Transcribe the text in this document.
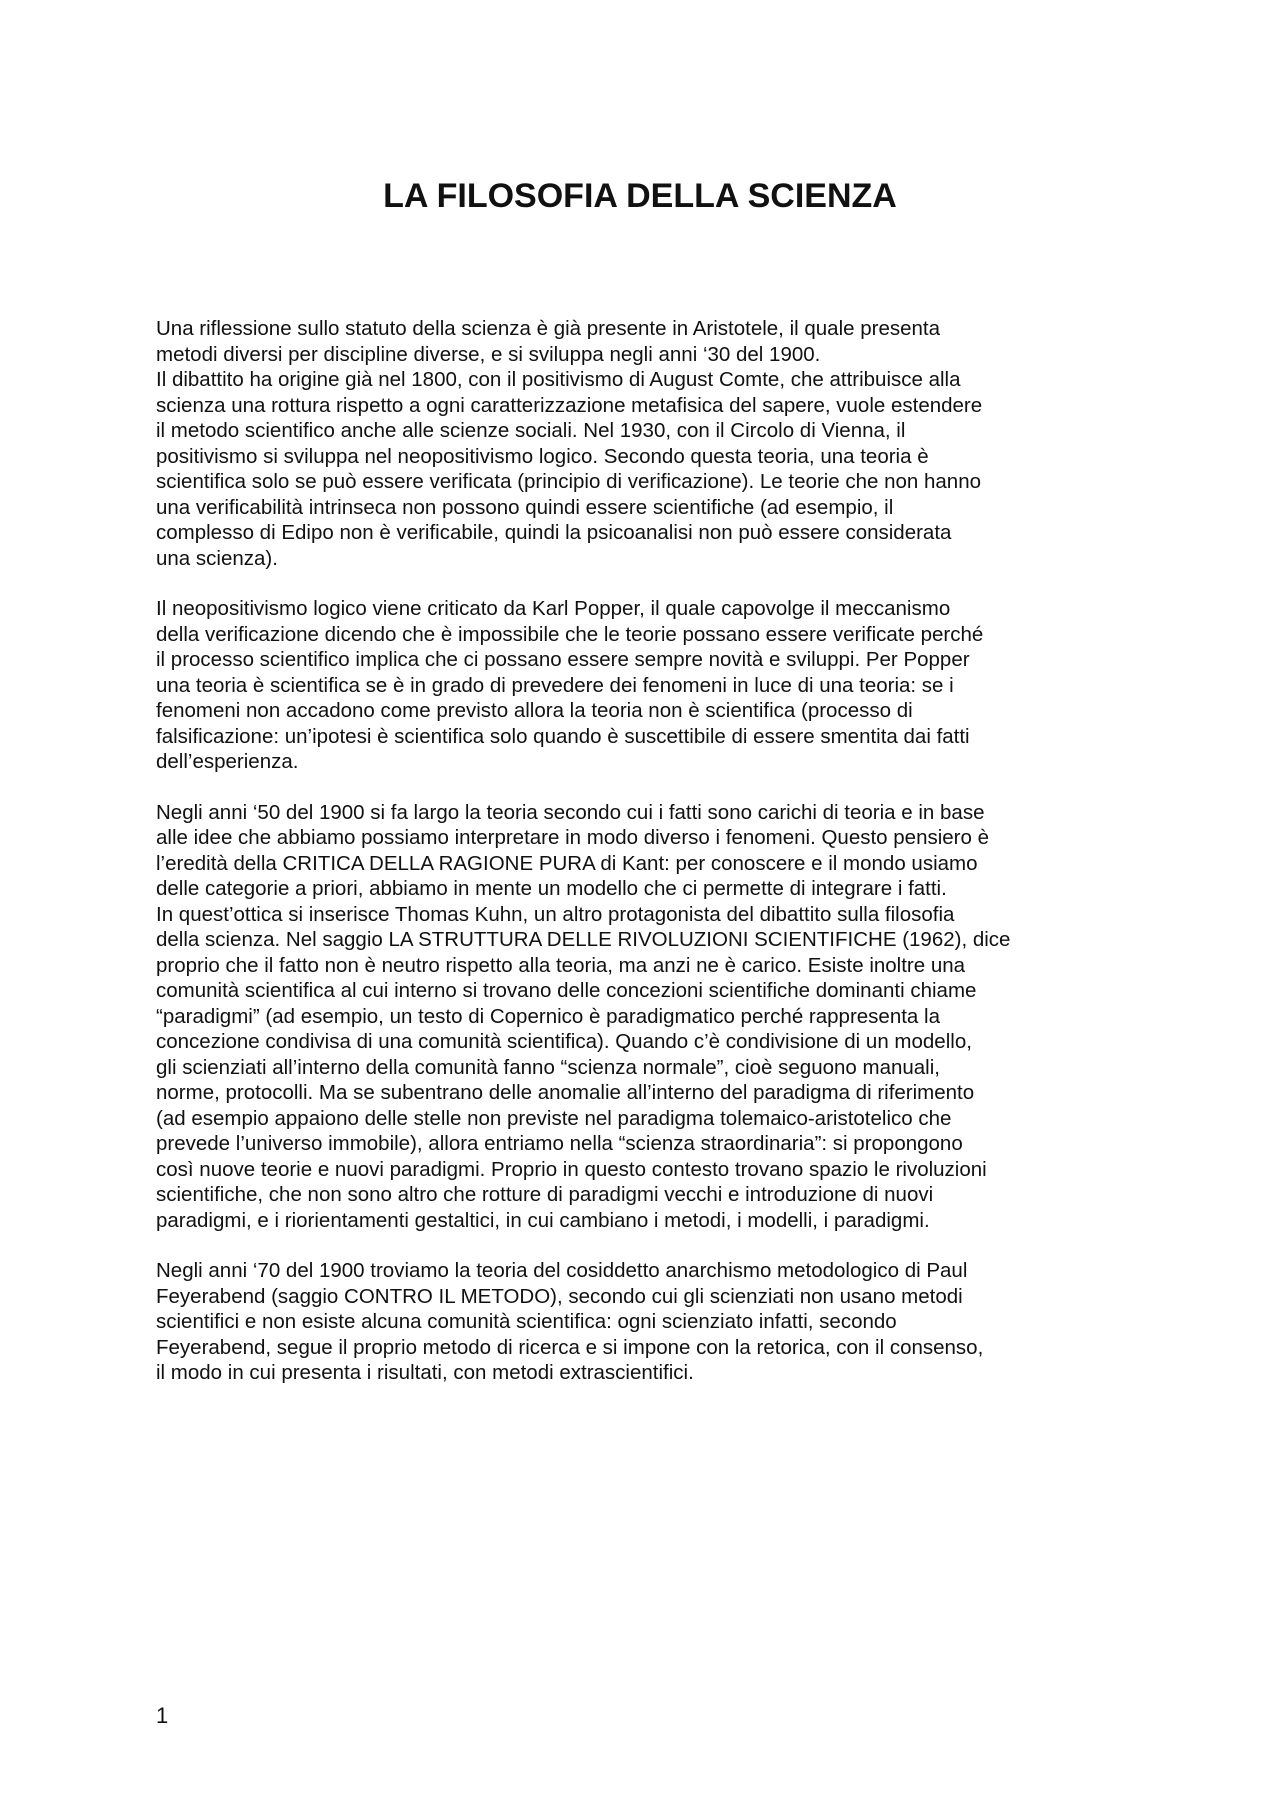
LA FILOSOFIA DELLA SCIENZA

Una riflessione sullo statuto della scienza è già presente in Aristotele, il quale presenta
metodi diversi per discipline diverse, e si sviluppa negli anni ‘30 del 1900.
Il dibattito ha origine già nel 1800, con il positivismo di August Comte, che attribuisce alla
scienza una rottura rispetto a ogni caratterizzazione metafisica del sapere, vuole estendere
il metodo scientifico anche alle scienze sociali. Nel 1930, con il Circolo di Vienna, il
positivismo si sviluppa nel neopositivismo logico. Secondo questa teoria, una teoria è
scientifica solo se può essere verificata (principio di verificazione). Le teorie che non hanno
una verificabilità intrinseca non possono quindi essere scientifiche (ad esempio, il
complesso di Edipo non è verificabile, quindi la psicoanalisi non può essere considerata
una scienza).

Il neopositivismo logico viene criticato da Karl Popper, il quale capovolge il meccanismo
della verificazione dicendo che è impossibile che le teorie possano essere verificate perché
il processo scientifico implica che ci possano essere sempre novità e sviluppi. Per Popper
una teoria è scientifica se è in grado di prevedere dei fenomeni in luce di una teoria: se i
fenomeni non accadono come previsto allora la teoria non è scientifica (processo di
falsificazione: un’ipotesi è scientifica solo quando è suscettibile di essere smentita dai fatti
dell’esperienza.

Negli anni ‘50 del 1900 si fa largo la teoria secondo cui i fatti sono carichi di teoria e in base
alle idee che abbiamo possiamo interpretare in modo diverso i fenomeni. Questo pensiero è
l’eredità della CRITICA DELLA RAGIONE PURA di Kant: per conoscere e il mondo usiamo
delle categorie a priori, abbiamo in mente un modello che ci permette di integrare i fatti.
In quest’ottica si inserisce Thomas Kuhn, un altro protagonista del dibattito sulla filosofia
della scienza. Nel saggio LA STRUTTURA DELLE RIVOLUZIONI SCIENTIFICHE (1962), dice
proprio che il fatto non è neutro rispetto alla teoria, ma anzi ne è carico. Esiste inoltre una
comunità scientifica al cui interno si trovano delle concezioni scientifiche dominanti chiame
“paradigmi” (ad esempio, un testo di Copernico è paradigmatico perché rappresenta la
concezione condivisa di una comunità scientifica). Quando c’è condivisione di un modello,
gli scienziati all’interno della comunità fanno “scienza normale”, cioè seguono manuali,
norme, protocolli. Ma se subentrano delle anomalie all’interno del paradigma di riferimento
(ad esempio appaiono delle stelle non previste nel paradigma tolemaico-aristotelico che
prevede l’universo immobile), allora entriamo nella “scienza straordinaria”: si propongono
così nuove teorie e nuovi paradigmi. Proprio in questo contesto trovano spazio le rivoluzioni
scientifiche, che non sono altro che rotture di paradigmi vecchi e introduzione di nuovi
paradigmi, e i riorientamenti gestaltici, in cui cambiano i metodi, i modelli, i paradigmi.

Negli anni ‘70 del 1900 troviamo la teoria del cosiddetto anarchismo metodologico di Paul
Feyerabend (saggio CONTRO IL METODO), secondo cui gli scienziati non usano metodi
scientifici e non esiste alcuna comunità scientifica: ogni scienziato infatti, secondo
Feyerabend, segue il proprio metodo di ricerca e si impone con la retorica, con il consenso,
il modo in cui presenta i risultati, con metodi extrascientifici.

1
